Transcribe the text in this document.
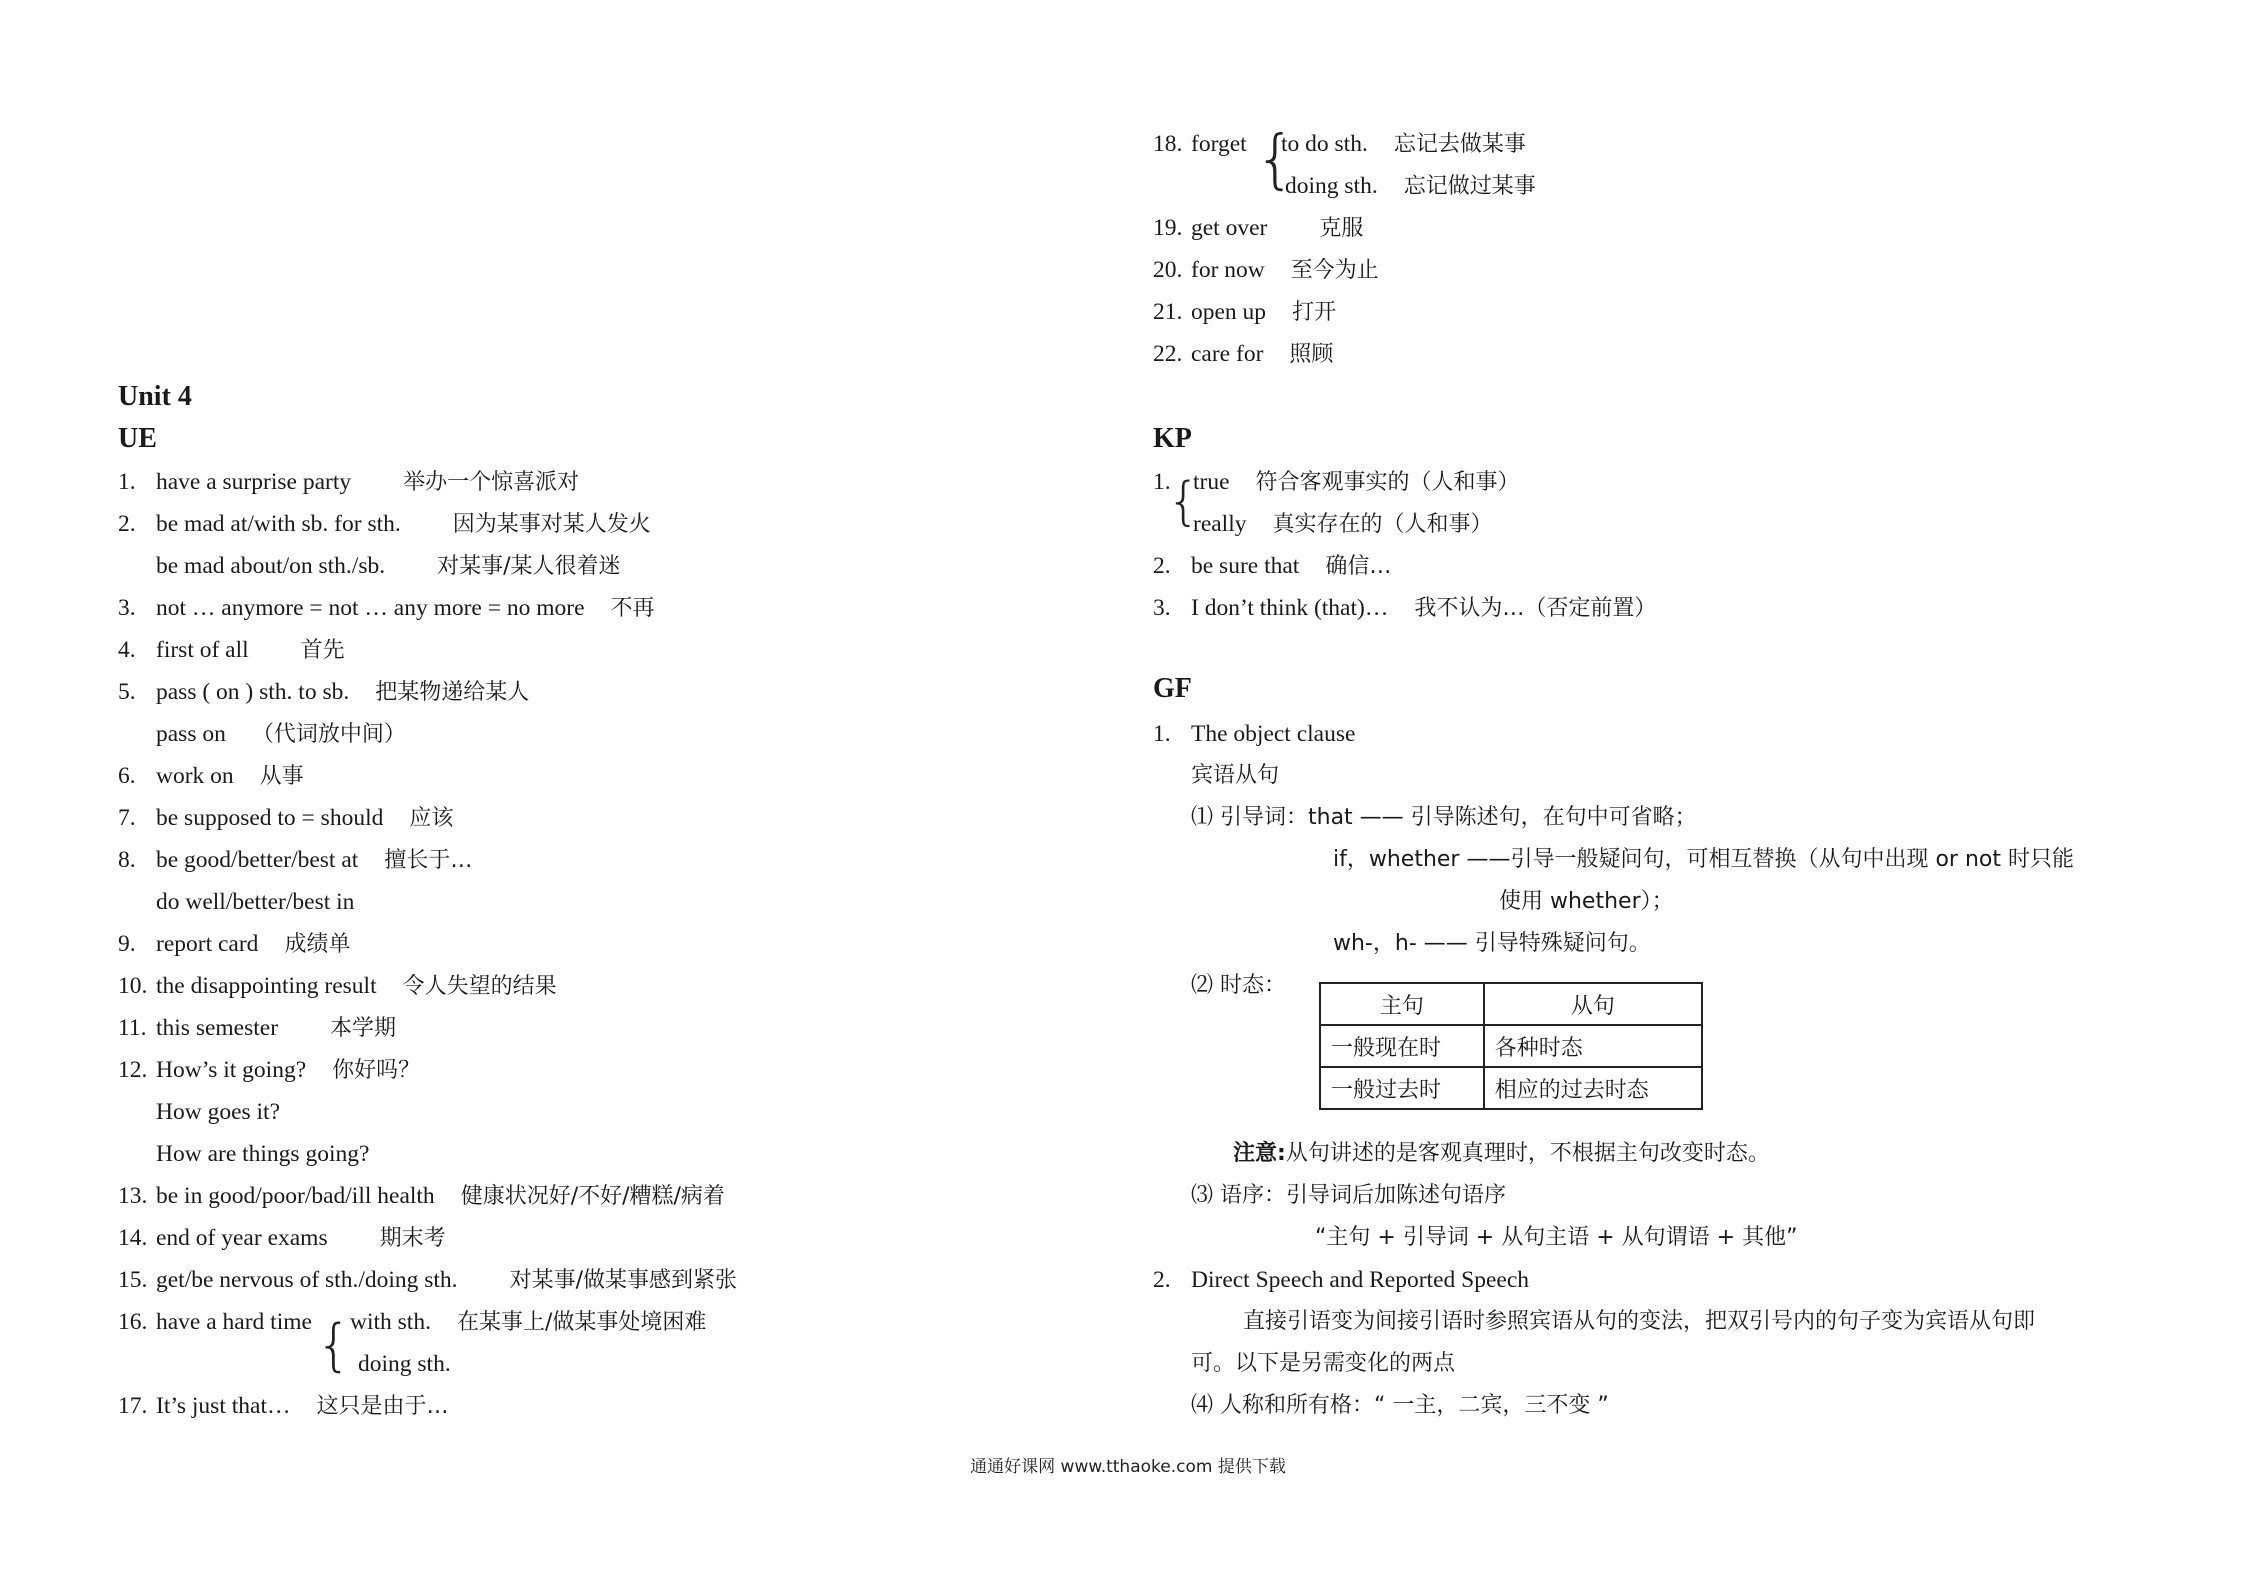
Unit 4
UE
1. have a surprise party 举办一个惊喜派对
2. be mad at/with sb. for sth. 因为某事对某人发火
be mad about/on sth./sb. 对某事/某人很着迷
3. not … anymore = not … any more = no more 不再
4. first of all 首先
5. pass ( on ) sth. to sb. 把某物递给某人
pass on （代词放中间）
6. work on 从事
7. be supposed to = should 应该
8. be good/better/best at 擅长于…
do well/better/best in
9. report card 成绩单
10. the disappointing result 令人失望的结果
11. this semester 本学期
12. How’s it going? 你好吗？
How goes it?
How are things going?
13. be in good/poor/bad/ill health 健康状况好/不好/糟糕/病着
14. end of year exams 期末考
15. get/be nervous of sth./doing sth. 对某事/做某事感到紧张
16. have a hard time {
with sth. 在某事上/做某事处境困难
doing sth.
17. It’s just that… 这只是由于…
18. forget {
to do sth. 忘记去做某事
doing sth. 忘记做过某事
19. get over 克服
20. for now 至今为止
21. open up 打开
22. care for 照顾
KP
1.
{
true 符合客观事实的（人和事）
really 真实存在的（人和事）
2. be sure that 确信…
3. I don’t think (that)… 我不认为…（否定前置）
GF
1. The object clause
宾语从句
⑴ 引导词：that —— 引导陈述句，在句中可省略；
if，whether ——引导一般疑问句，可相互替换（从句中出现 or not 时只能
使用 whether）；
wh-，h- —— 引导特殊疑问句。
⑵ 时态：
主句	从句
一般现在时	各种时态
一般过去时	相应的过去时态
注意:从句讲述的是客观真理时，不根据主句改变时态。
⑶ 语序：引导词后加陈述句语序
“主句 + 引导词 + 从句主语 + 从句谓语 + 其他”
2. Direct Speech and Reported Speech
直接引语变为间接引语时参照宾语从句的变法，把双引号内的句子变为宾语从句即
可。以下是另需变化的两点
⑷ 人称和所有格：“ 一主，二宾，三不变 ”
通通好课网 www.tthaoke.com 提供下载
